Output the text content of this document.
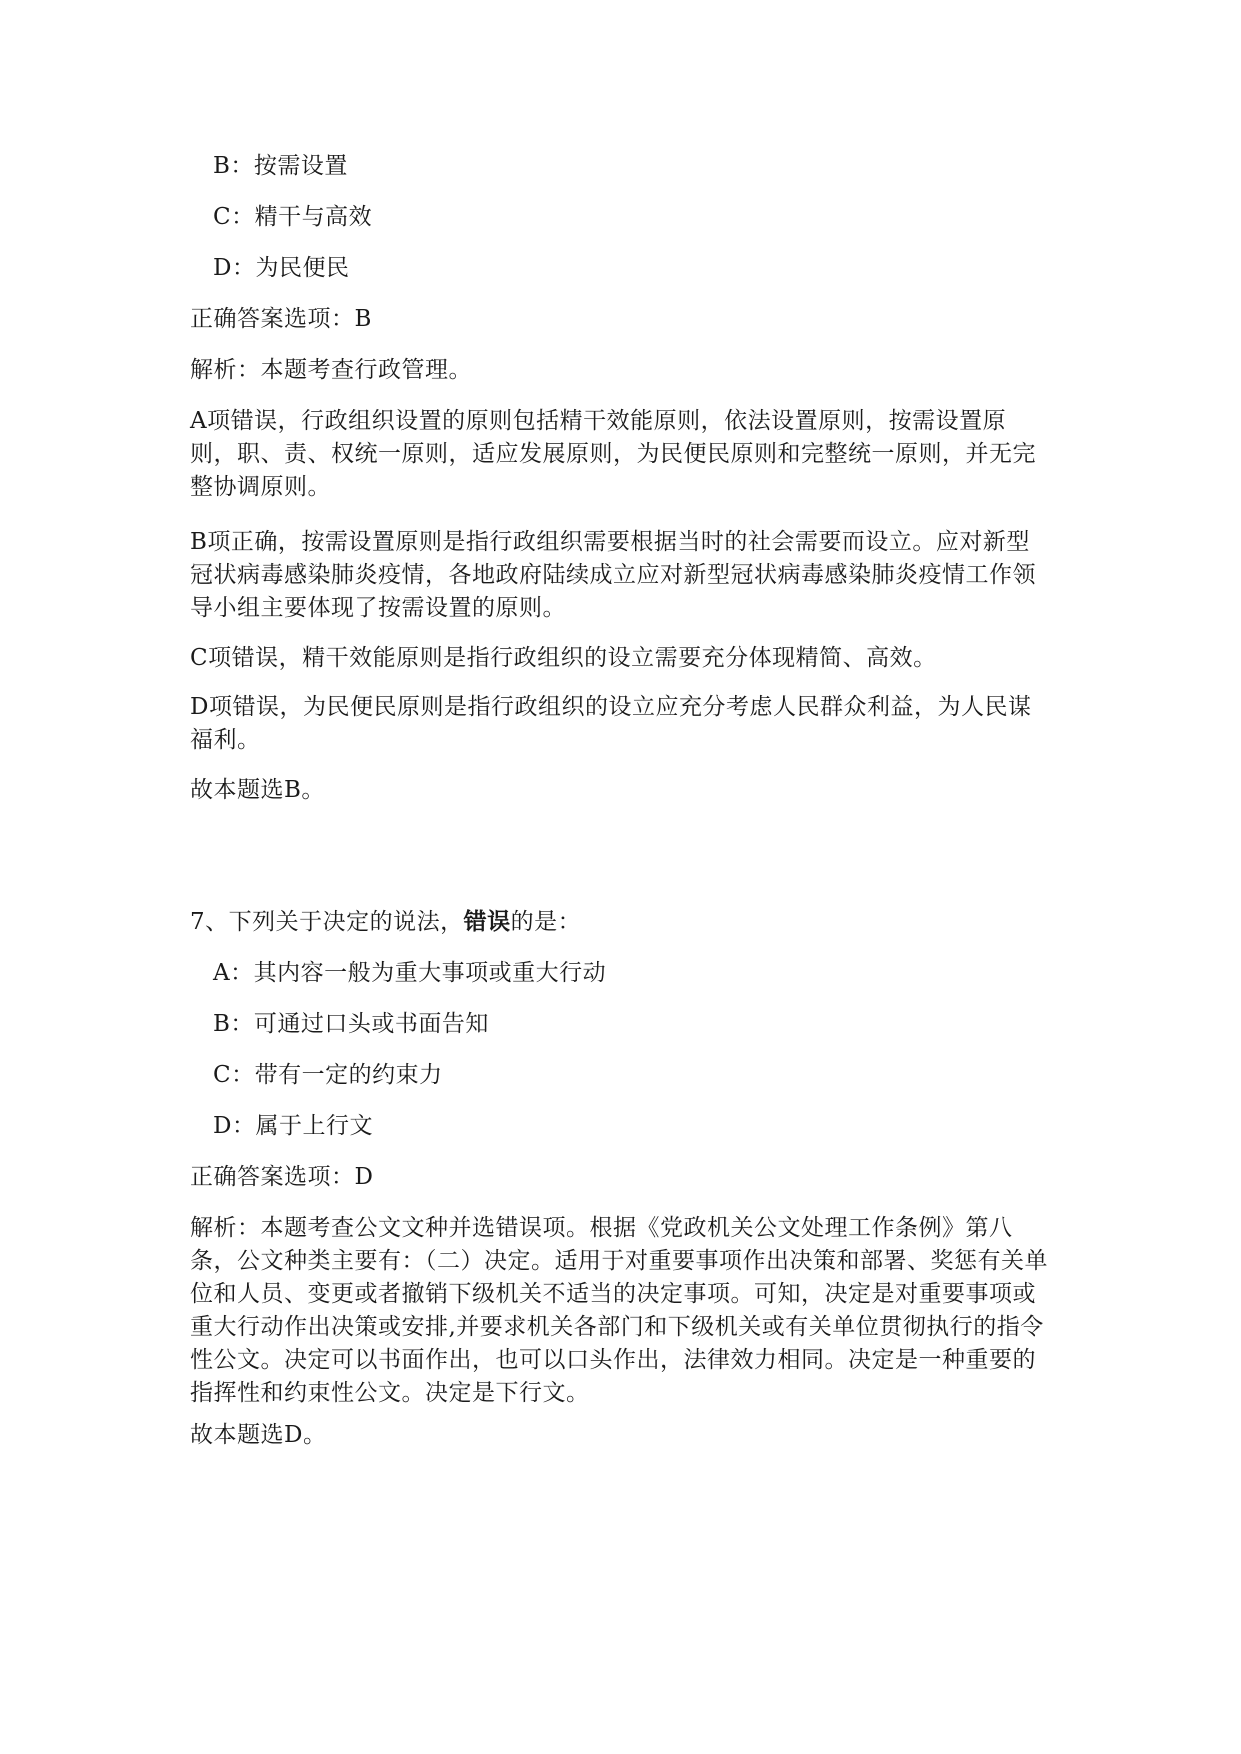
B：按需设置
C：精干与高效
D：为民便民
正确答案选项：B
解析：本题考查行政管理。
A项错误，行政组织设置的原则包括精干效能原则，依法设置原则，按需设置原则，职、责、权统一原则，适应发展原则，为民便民原则和完整统一原则，并无完整协调原则。
B项正确，按需设置原则是指行政组织需要根据当时的社会需要而设立。应对新型冠状病毒感染肺炎疫情，各地政府陆续成立应对新型冠状病毒感染肺炎疫情工作领导小组主要体现了按需设置的原则。
C项错误，精干效能原则是指行政组织的设立需要充分体现精简、高效。
D项错误，为民便民原则是指行政组织的设立应充分考虑人民群众利益，为人民谋福利。
故本题选B。
7、下列关于决定的说法，错误的是：
A：其内容一般为重大事项或重大行动
B：可通过口头或书面告知
C：带有一定的约束力
D：属于上行文
正确答案选项：D
解析：本题考查公文文种并选错误项。根据《党政机关公文处理工作条例》第八条，公文种类主要有：（二）决定。适用于对重要事项作出决策和部署、奖惩有关单位和人员、变更或者撤销下级机关不适当的决定事项。可知，决定是对重要事项或重大行动作出决策或安排,并要求机关各部门和下级机关或有关单位贯彻执行的指令性公文。决定可以书面作出，也可以口头作出，法律效力相同。决定是一种重要的指挥性和约束性公文。决定是下行文。
故本题选D。
